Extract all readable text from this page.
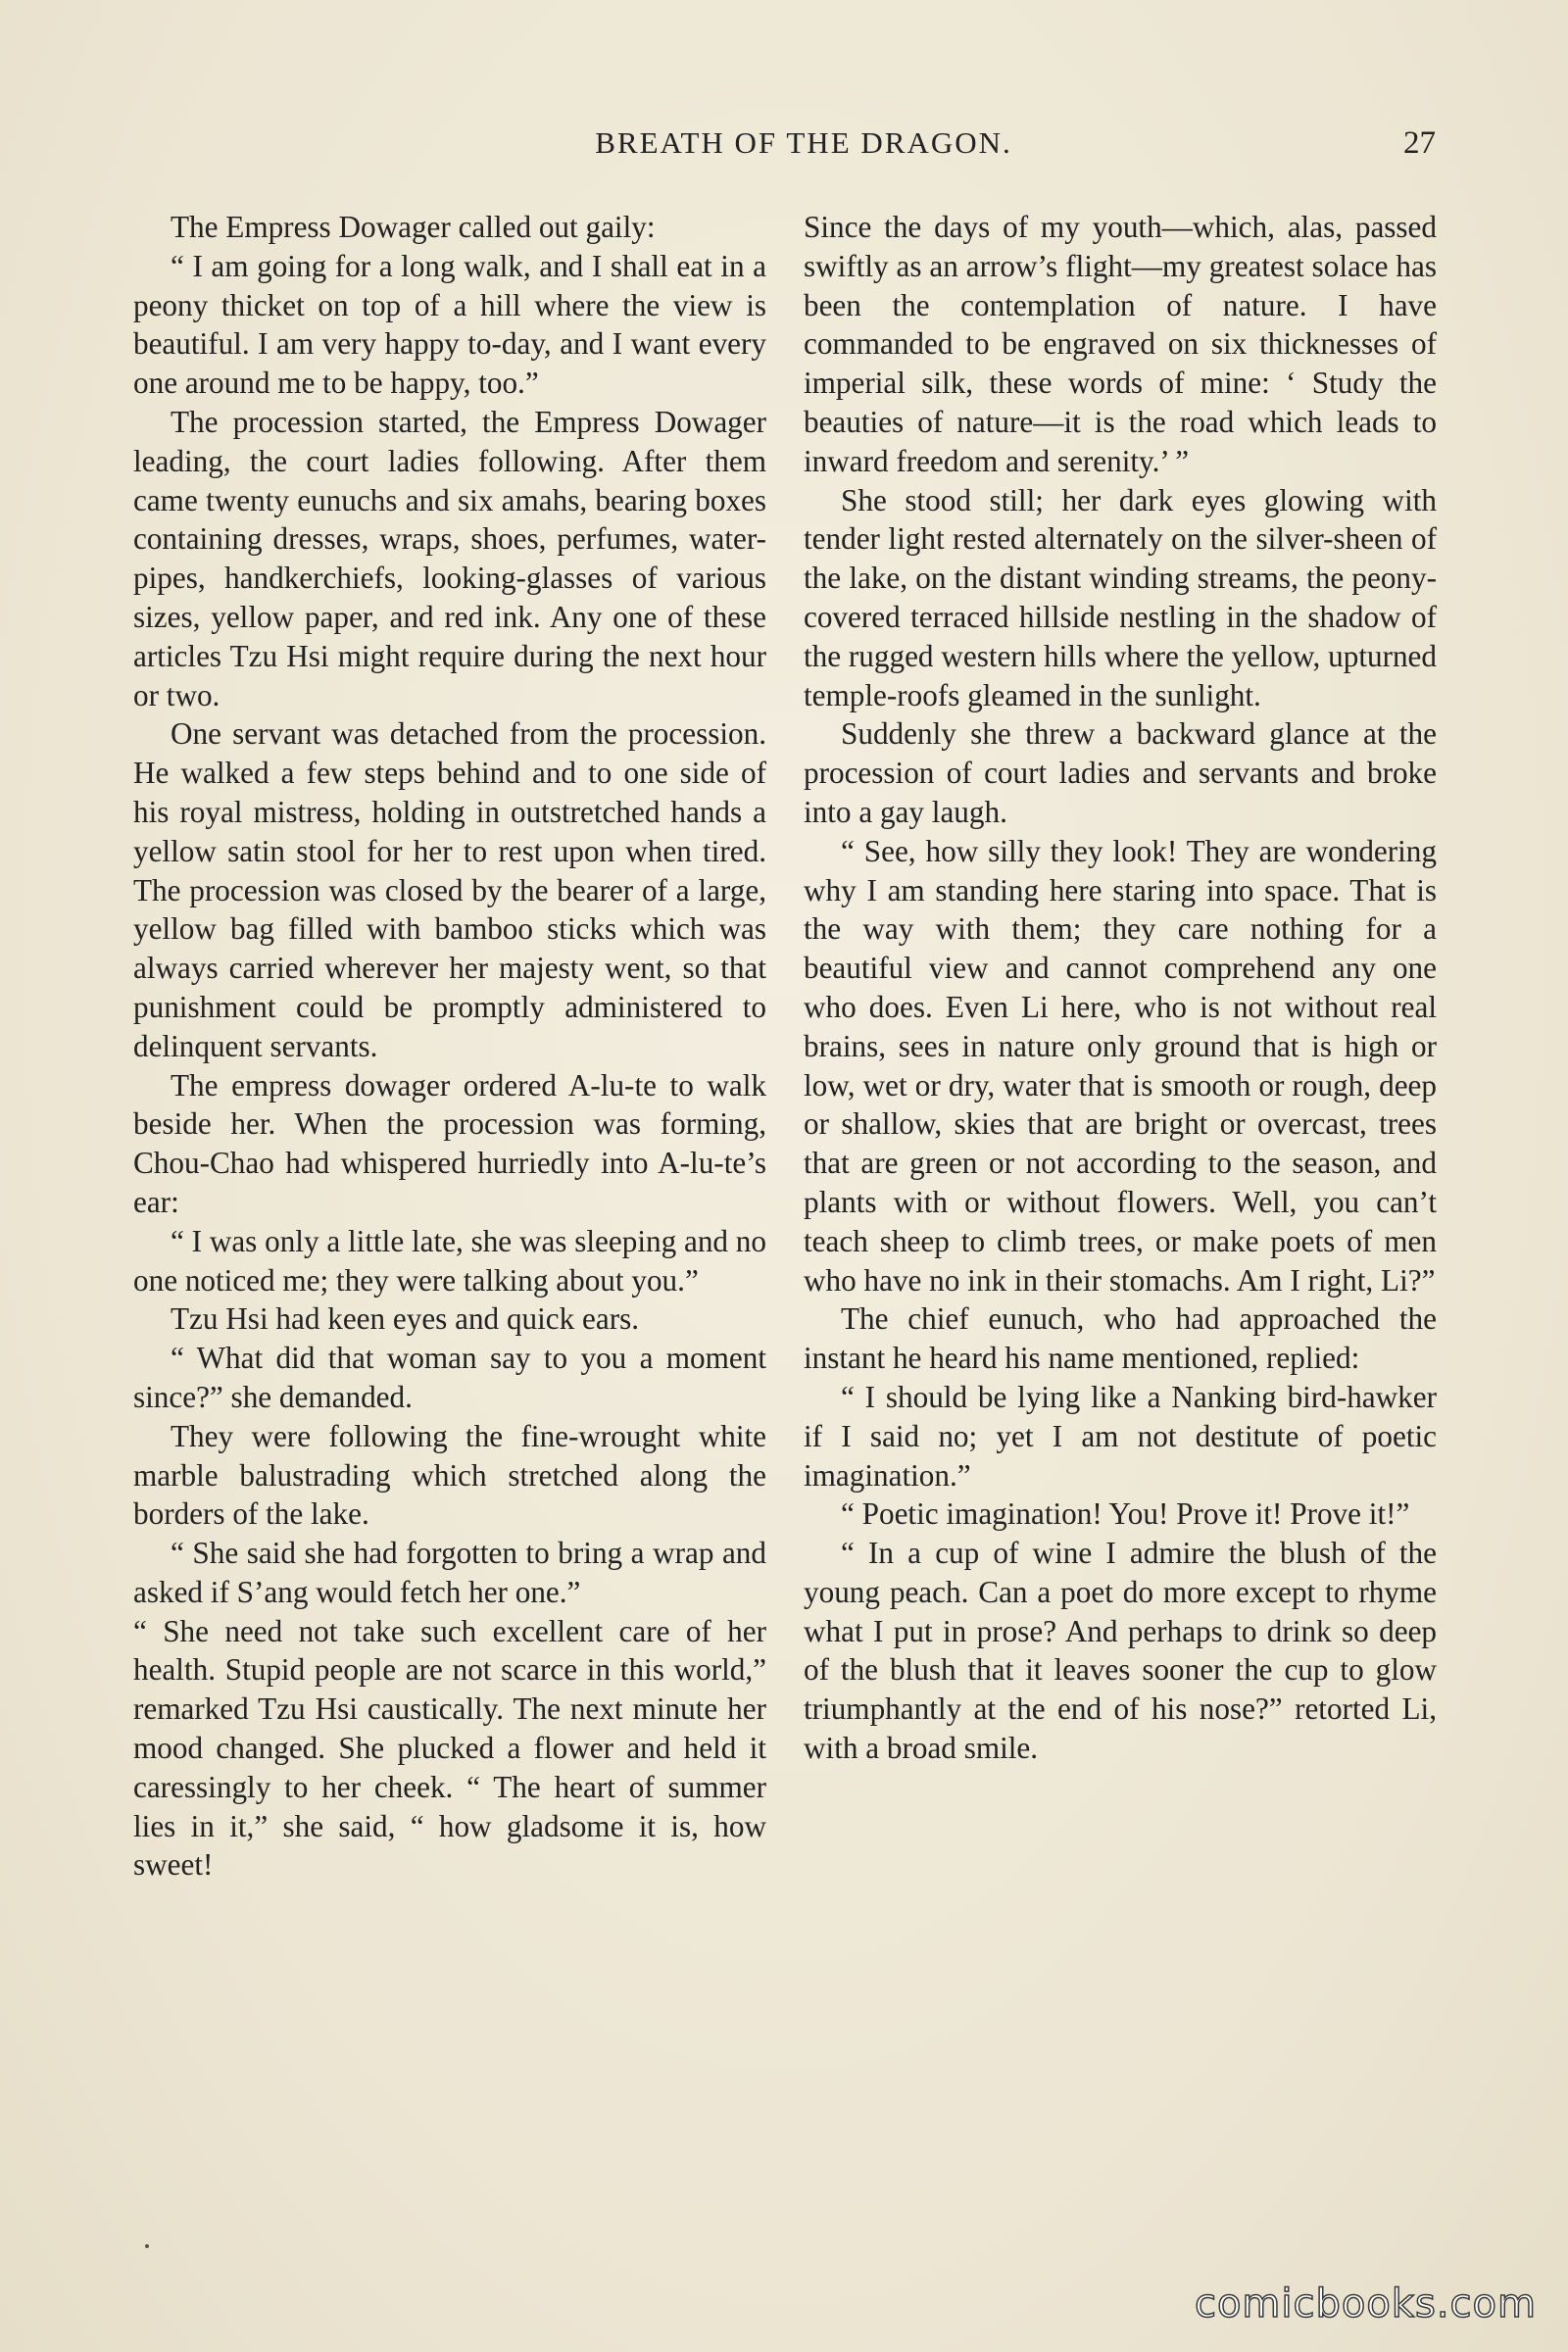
BREATH OF THE DRAGON.	27

The Empress Dowager called out gaily:

“ I am going for a long walk, and I shall eat in a peony thicket on top of a hill where the view is beautiful. I am very happy to-day, and I want every one around me to be happy, too.”

The procession started, the Empress Dowager leading, the court ladies following. After them came twenty eunuchs and six amahs, bearing boxes containing dresses, wraps, shoes, perfumes, water-pipes, handkerchiefs, looking-glasses of various sizes, yellow paper, and red ink. Any one of these articles Tzu Hsi might require during the next hour or two.

One servant was detached from the procession. He walked a few steps behind and to one side of his royal mistress, holding in outstretched hands a yellow satin stool for her to rest upon when tired. The procession was closed by the bearer of a large, yellow bag filled with bamboo sticks which was always carried wherever her majesty went, so that punishment could be promptly administered to delinquent servants.

The empress dowager ordered A-lu-te to walk beside her. When the procession was forming, Chou-Chao had whispered hurriedly into A-lu-te’s ear:

“ I was only a little late, she was sleeping and no one noticed me; they were talking about you.”

Tzu Hsi had keen eyes and quick ears.

“ What did that woman say to you a moment since?” she demanded.

They were following the fine-wrought white marble balustrading which stretched along the borders of the lake.

“ She said she had forgotten to bring a wrap and asked if S’ang would fetch her one.”

“ She need not take such excellent care of her health. Stupid people are not scarce in this world,” remarked Tzu Hsi caustically. The next minute her mood changed. She plucked a flower and held it caressingly to her cheek. “ The heart of summer lies in it,” she said, “ how gladsome it is, how sweet!

Since the days of my youth—which, alas, passed swiftly as an arrow’s flight—my greatest solace has been the contemplation of nature. I have commanded to be engraved on six thicknesses of imperial silk, these words of mine: ‘ Study the beauties of nature—it is the road which leads to inward freedom and serenity.’ ”

She stood still; her dark eyes glowing with tender light rested alternately on the silver-sheen of the lake, on the distant winding streams, the peony-covered terraced hillside nestling in the shadow of the rugged western hills where the yellow, upturned temple-roofs gleamed in the sunlight.

Suddenly she threw a backward glance at the procession of court ladies and servants and broke into a gay laugh.

“ See, how silly they look! They are wondering why I am standing here staring into space. That is the way with them; they care nothing for a beautiful view and cannot comprehend any one who does. Even Li here, who is not without real brains, sees in nature only ground that is high or low, wet or dry, water that is smooth or rough, deep or shallow, skies that are bright or overcast, trees that are green or not according to the season, and plants with or without flowers. Well, you can’t teach sheep to climb trees, or make poets of men who have no ink in their stomachs. Am I right, Li?”

The chief eunuch, who had approached the instant he heard his name mentioned, replied:

“ I should be lying like a Nanking bird-hawker if I said no; yet I am not destitute of poetic imagination.”

“ Poetic imagination! You! Prove it! Prove it!”

“ In a cup of wine I admire the blush of the young peach. Can a poet do more except to rhyme what I put in prose? And perhaps to drink so deep of the blush that it leaves sooner the cup to glow triumphantly at the end of his nose?” retorted Li, with a broad smile.

comicbooks.com
